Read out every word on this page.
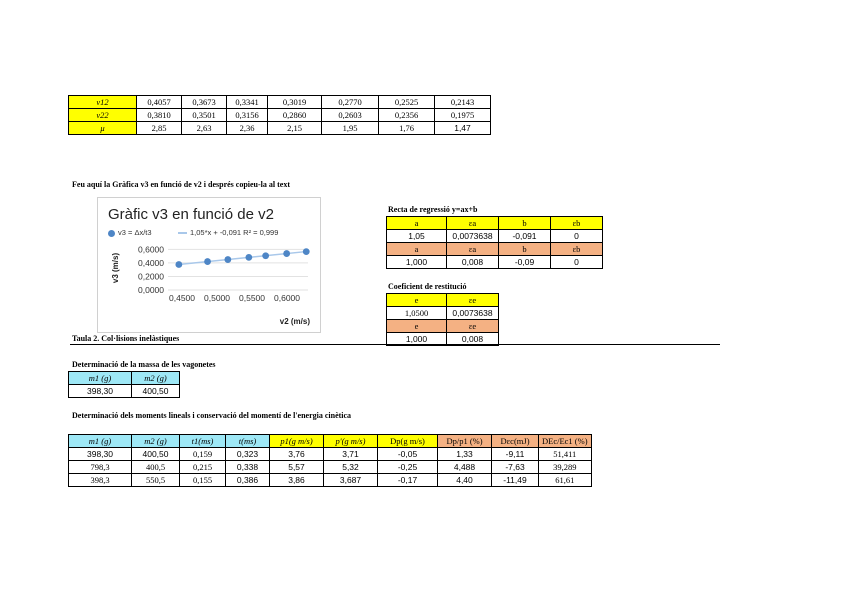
v12	0,4057	0,3673	0,3341	0,3019	0,2770	0,2525	0,2143
v22	0,3810	0,3501	0,3156	0,2860	0,2603	0,2356	0,1975
μ	2,85	2,63	2,36	2,15	1,95	1,76	1,47
Feu aquí la Gràfica v3 en funció de v2 i després copieu-la al text
Gràfic v3 en funció de v2
v3 = Δx/t3	1,05*x + -0,091 R² = 0,999
0,0000
0,2000
0,4000
0,6000
0,4500 0,5000 0,5500 0,6000
v2 (m/s)
v3 (m/s)
Recta de regressió y=ax+b
a	εa	b	εb
1,05	0,0073638	-0,091	0
a	εa	b	εb
1,000	0,008	-0,09	0
Coeficient de restitució
e	εe
1,0500	0,0073638
e	εe
1,000	0,008
Taula 2. Col·lisions inelàstiques
Determinació de la massa de les vagonetes
m1 (g)	m2 (g)
398,30	400,50
Determinació dels moments lineals i conservació del momentí de l'energia cinètica
m1 (g)	m2 (g)	t1(ms)	t(ms)	p1(g m/s)	p'(g m/s)	Dp(g m/s)	Dp/p1 (%)	Dεc(mJ)	DEc/Ec1 (%)
398,30	400,50	0,159	0,323	3,76	3,71	-0,05	1,33	-9,11	51,411
798,3	400,5	0,215	0,338	5,57	5,32	-0,25	4,488	-7,63	39,289
398,3	550,5	0,155	0,386	3,86	3,687	-0,17	4,40	-11,49	61,61
